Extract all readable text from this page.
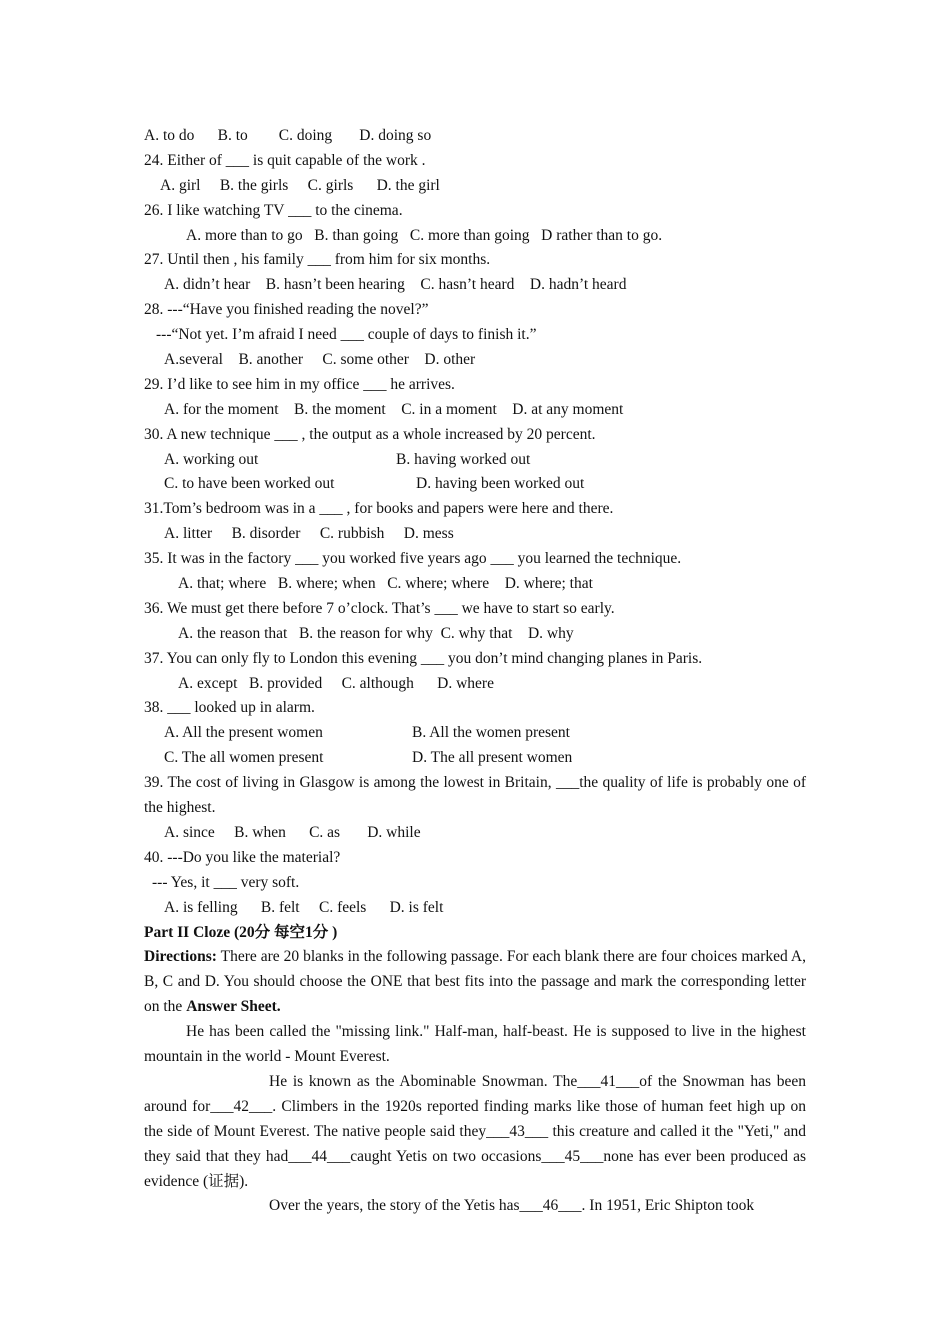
A. to do      B. to        C. doing       D. doing so
24. Either of ___ is quit capable of the work .
A. girl     B. the girls     C. girls      D. the girl
26. I like watching TV ___ to the cinema.
A. more than to go   B. than going   C. more than going   D rather than to go.
27. Until then , his family ___ from him for six months.
A. didn’t hear    B. hasn’t been hearing    C. hasn’t heard    D. hadn’t heard
28. ---“Have you finished reading the novel?”
---“Not yet. I’m afraid I need ___ couple of days to finish it.”
A.several    B. another     C. some other    D. other
29. I’d like to see him in my office ___ he arrives.
A. for the moment    B. the moment    C. in a moment    D. at any moment
30. A new technique ___ , the output as a whole increased by 20 percent.
A. working out	B. having worked out
C. to have been worked out	D. having been worked out
31.Tom’s bedroom was in a ___ , for books and papers were here and there.
A. litter     B. disorder     C. rubbish     D. mess
35. It was in the factory ___ you worked five years ago ___ you learned the technique.
A. that; where   B. where; when   C. where; where    D. where; that
36. We must get there before 7 o’clock. That’s ___ we have to start so early.
A. the reason that   B. the reason for why  C. why that    D. why
37. You can only fly to London this evening ___ you don’t mind changing planes in Paris.
A. except   B. provided     C. although      D. where
38. ___ looked up in alarm.
A. All the present women	B. All the women present
C. The all women present	D. The all present women
39. The cost of living in Glasgow is among the lowest in Britain, ___the quality of life is probably one of the highest.
A. since     B. when      C. as       D. while
40. ---Do you like the material?
--- Yes, it ___ very soft.
A. is felling      B. felt     C. feels      D. is felt
Part II Cloze (20分 每空1分 )
Directions: There are 20 blanks in the following passage. For each blank there are four choices marked A, B, C and D. You should choose the ONE that best fits into the passage and mark the corresponding letter on the Answer Sheet.
He has been called the "missing link." Half-man, half-beast. He is supposed to live in the highest mountain in the world - Mount Everest.
He is known as the Abominable Snowman. The___41___of the Snowman has been around for___42___. Climbers in the 1920s reported finding marks like those of human feet high up on the side of Mount Everest. The native people said they___43___ this creature and called it the "Yeti," and they said that they had___44___caught Yetis on two occasions___45___none has ever been produced as evidence (证据).
Over the years, the story of the Yetis has___46___. In 1951, Eric Shipton took
